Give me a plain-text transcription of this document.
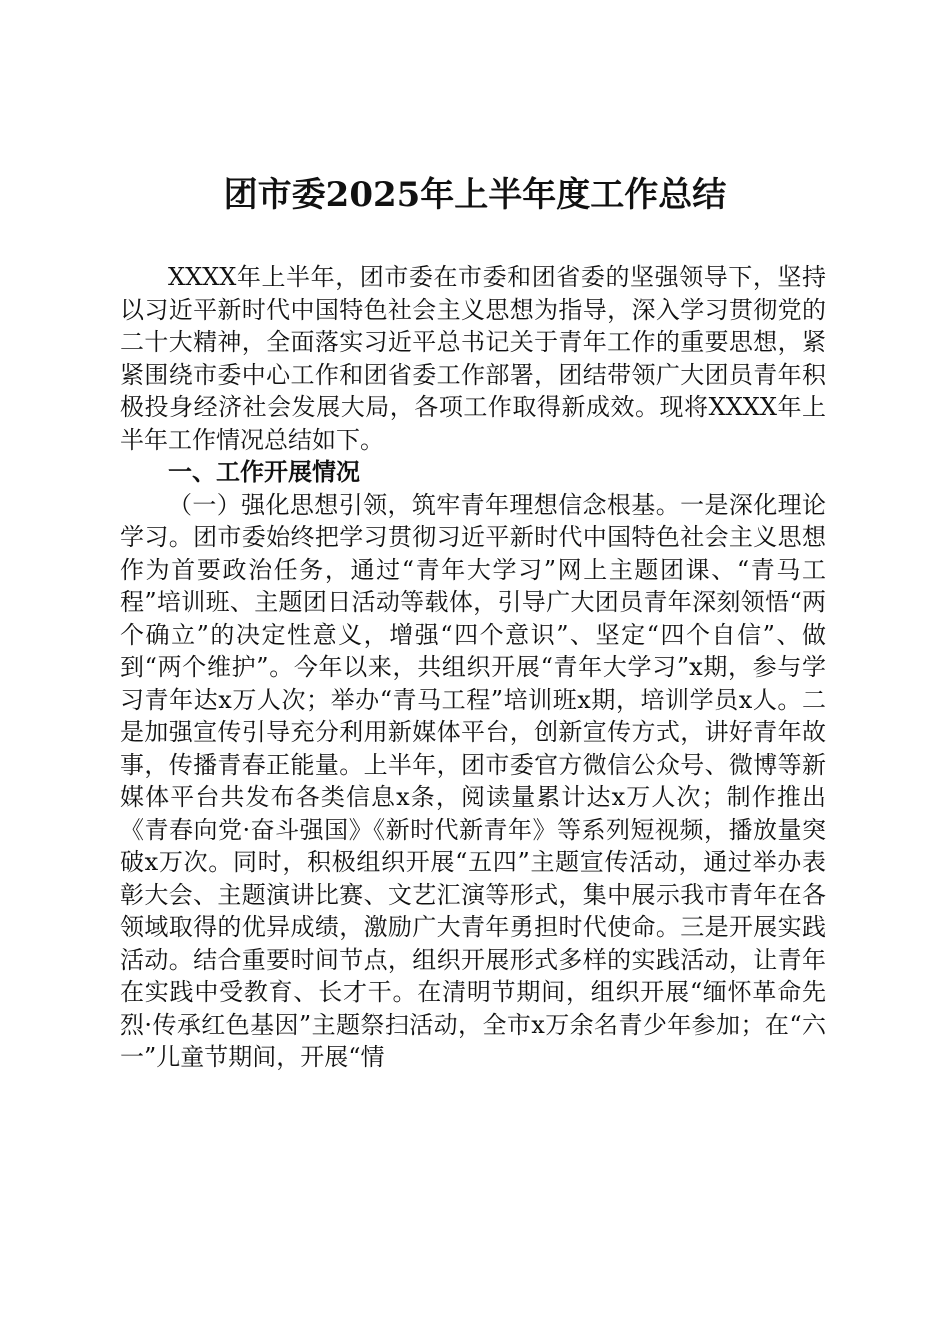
团市委2025年上半年度工作总结

XXXX年上半年，团市委在市委和团省委的坚强领导下，坚持以习近平新时代中国特色社会主义思想为指导，深入学习贯彻党的二十大精神，全面落实习近平总书记关于青年工作的重要思想，紧紧围绕市委中心工作和团省委工作部署，团结带领广大团员青年积极投身经济社会发展大局，各项工作取得新成效。现将XXXX年上半年工作情况总结如下。

一、工作开展情况

（一）强化思想引领，筑牢青年理想信念根基。一是深化理论学习。团市委始终把学习贯彻习近平新时代中国特色社会主义思想作为首要政治任务，通过“青年大学习”网上主题团课、“青马工程”培训班、主题团日活动等载体，引导广大团员青年深刻领悟“两个确立”的决定性意义，增强“四个意识”、坚定“四个自信”、做到“两个维护”。今年以来，共组织开展“青年大学习”x期，参与学习青年达x万人次；举办“青马工程”培训班x期，培训学员x人。二是加强宣传引导充分利用新媒体平台，创新宣传方式，讲好青年故事，传播青春正能量。上半年，团市委官方微信公众号、微博等新媒体平台共发布各类信息x条，阅读量累计达x万人次；制作推出《青春向党·奋斗强国》《新时代新青年》等系列短视频，播放量突破x万次。同时，积极组织开展“五四”主题宣传活动，通过举办表彰大会、主题演讲比赛、文艺汇演等形式，集中展示我市青年在各领域取得的优异成绩，激励广大青年勇担时代使命。三是开展实践活动。结合重要时间节点，组织开展形式多样的实践活动，让青年在实践中受教育、长才干。在清明节期间，组织开展“缅怀革命先烈·传承红色基因”主题祭扫活动，全市x万余名青少年参加；在“六一”儿童节期间，开展“情
